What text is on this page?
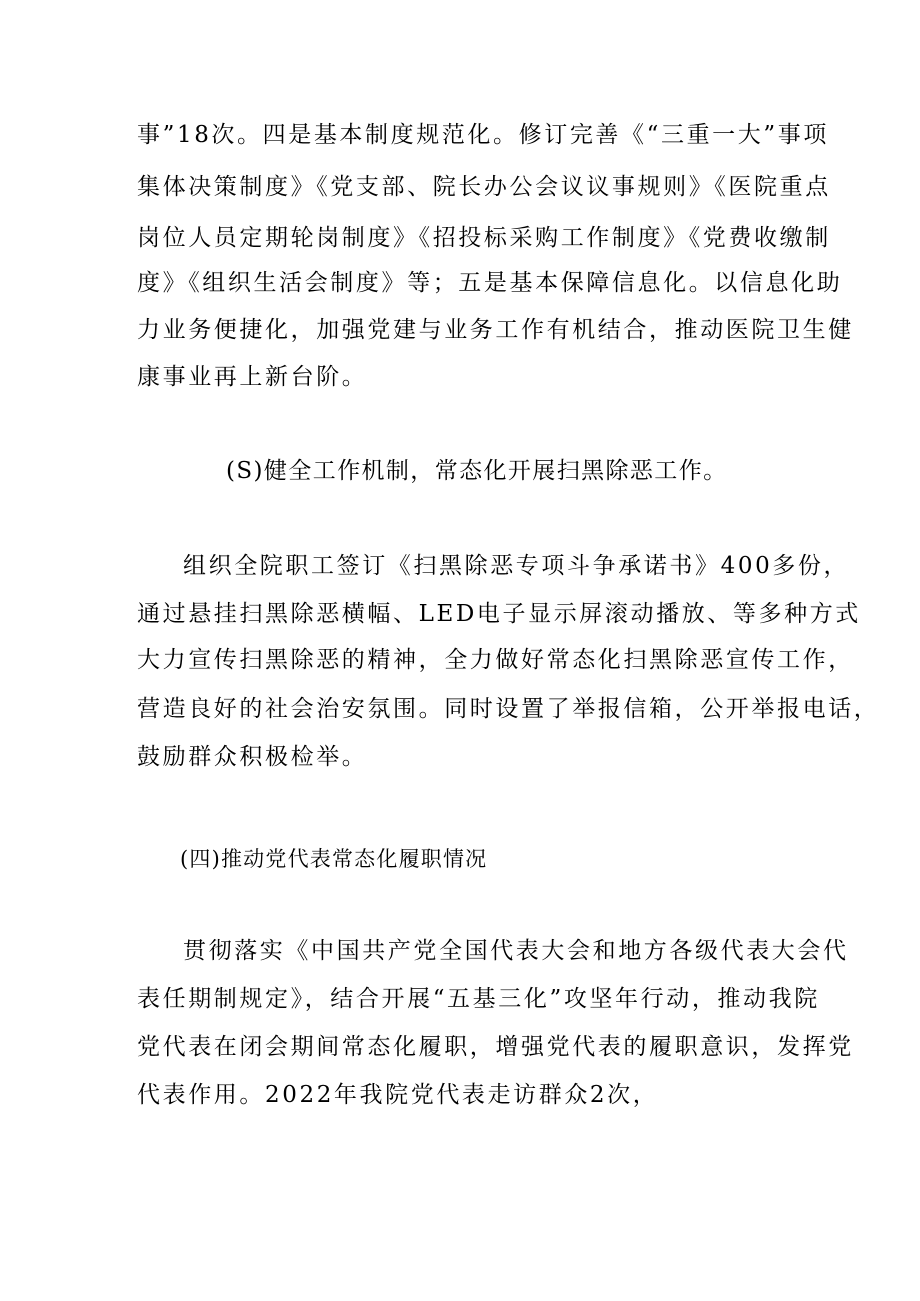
事”18次。四是基本制度规范化。修订完善《“三重一大”事项
集体决策制度》《党支部、院长办公会议议事规则》《医院重点
岗位人员定期轮岗制度》《招投标采购工作制度》《党费收缴制
度》《组织生活会制度》等；五是基本保障信息化。以信息化助
力业务便捷化，加强党建与业务工作有机结合，推动医院卫生健
康事业再上新台阶。
(S)健全工作机制，常态化开展扫黑除恶工作。
组织全院职工签订《扫黑除恶专项斗争承诺书》400多份，
通过悬挂扫黑除恶横幅、LED电子显示屏滚动播放、等多种方式
大力宣传扫黑除恶的精神，全力做好常态化扫黑除恶宣传工作，
营造良好的社会治安氛围。同时设置了举报信箱，公开举报电话，
鼓励群众积极检举。
(四)推动党代表常态化履职情况
贯彻落实《中国共产党全国代表大会和地方各级代表大会代
表任期制规定》，结合开展“五基三化”攻坚年行动，推动我院
党代表在闭会期间常态化履职，增强党代表的履职意识，发挥党
代表作用。2022年我院党代表走访群众2次，
